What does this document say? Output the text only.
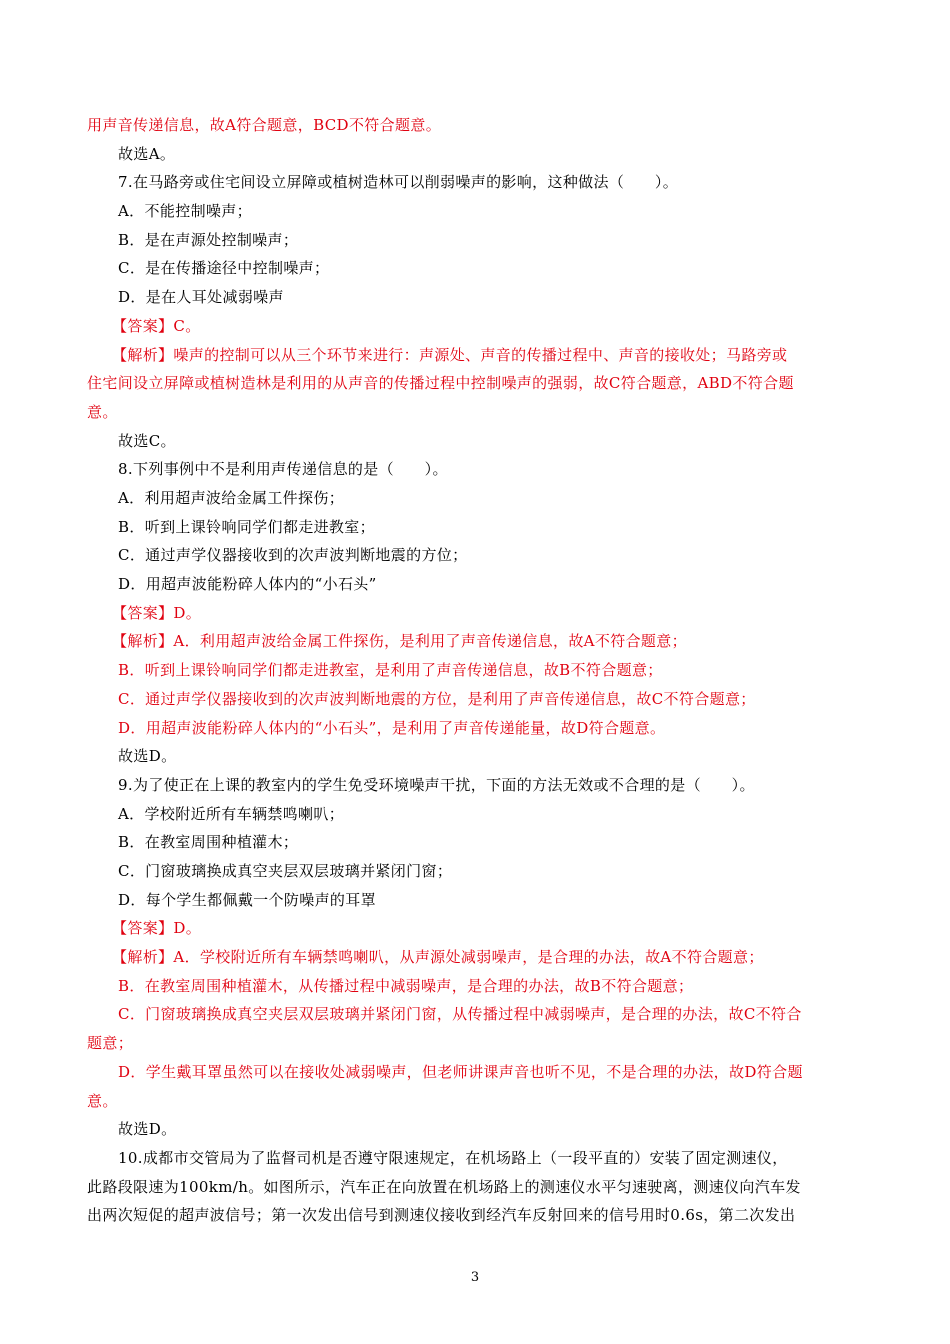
用声音传递信息，故A符合题意，BCD不符合题意。
故选A。
7.在马路旁或住宅间设立屏障或植树造林可以削弱噪声的影响，这种做法（　　）。
A．不能控制噪声；
B．是在声源处控制噪声；
C．是在传播途径中控制噪声；
D．是在人耳处减弱噪声
【答案】C。
【解析】噪声的控制可以从三个环节来进行：声源处、声音的传播过程中、声音的接收处；马路旁或
住宅间设立屏障或植树造林是利用的从声音的传播过程中控制噪声的强弱，故C符合题意，ABD不符合题
意。
故选C。
8.下列事例中不是利用声传递信息的是（　　）。
A．利用超声波给金属工件探伤；
B．听到上课铃响同学们都走进教室；
C．通过声学仪器接收到的次声波判断地震的方位；
D．用超声波能粉碎人体内的“小石头”
【答案】D。
【解析】A．利用超声波给金属工件探伤，是利用了声音传递信息，故A不符合题意；
B．听到上课铃响同学们都走进教室，是利用了声音传递信息，故B不符合题意；
C．通过声学仪器接收到的次声波判断地震的方位，是利用了声音传递信息，故C不符合题意；
D．用超声波能粉碎人体内的“小石头”，是利用了声音传递能量，故D符合题意。
故选D。
9.为了使正在上课的教室内的学生免受环境噪声干扰，下面的方法无效或不合理的是（　　）。
A．学校附近所有车辆禁鸣喇叭；
B．在教室周围种植灌木；
C．门窗玻璃换成真空夹层双层玻璃并紧闭门窗；
D．每个学生都佩戴一个防噪声的耳罩
【答案】D。
【解析】A．学校附近所有车辆禁鸣喇叭，从声源处减弱噪声，是合理的办法，故A不符合题意；
B．在教室周围种植灌木，从传播过程中减弱噪声，是合理的办法，故B不符合题意；
C．门窗玻璃换成真空夹层双层玻璃并紧闭门窗，从传播过程中减弱噪声，是合理的办法，故C不符合
题意；
D．学生戴耳罩虽然可以在接收处减弱噪声，但老师讲课声音也听不见，不是合理的办法，故D符合题
意。
故选D。
10.成都市交管局为了监督司机是否遵守限速规定，在机场路上（一段平直的）安装了固定测速仪，
此路段限速为100km/h。如图所示，汽车正在向放置在机场路上的测速仪水平匀速驶离，测速仪向汽车发
出两次短促的超声波信号；第一次发出信号到测速仪接收到经汽车反射回来的信号用时0.6s，第二次发出
3
